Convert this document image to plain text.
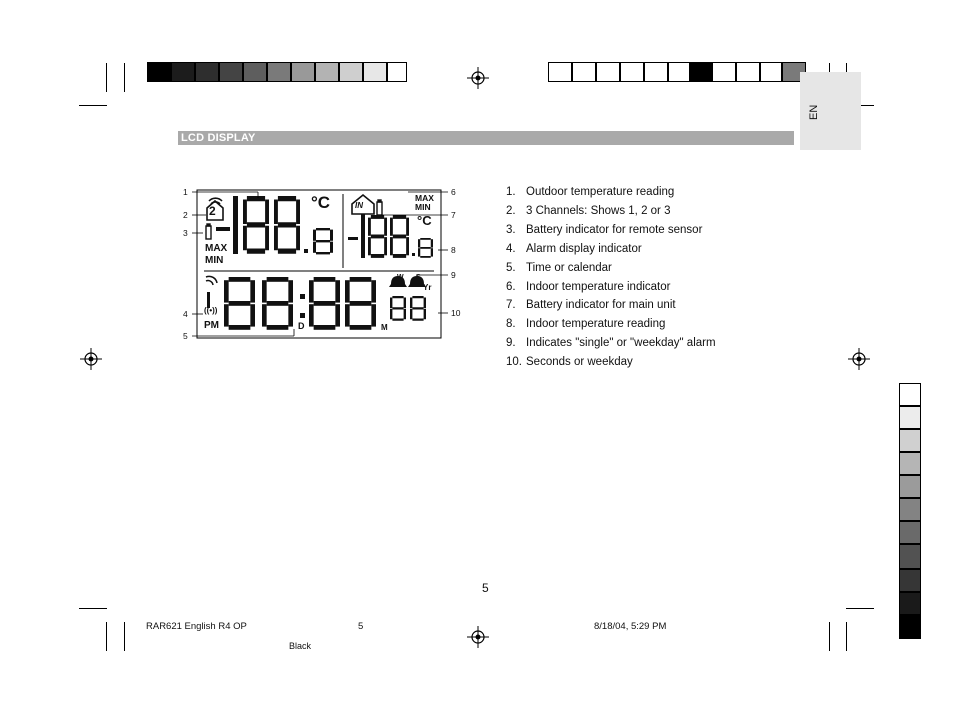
EN
LCD DISPLAY
2	°C
°C
MAX
MIN
MAX
MIN
IN
((•))
PM	D	M
W S
Yr
1
2
3
4
5
6
7
8
9
10
1. Outdoor temperature reading
2. 3 Channels: Shows 1, 2 or 3
3. Battery indicator for remote sensor
4. Alarm display indicator
5. Time or calendar
6. Indoor temperature indicator
7. Battery indicator for main unit
8. Indoor temperature reading
9. Indicates "single" or "weekday" alarm
10. Seconds or weekday
5
RAR621 English R4 OP	5	8/18/04, 5:29 PM
Black
